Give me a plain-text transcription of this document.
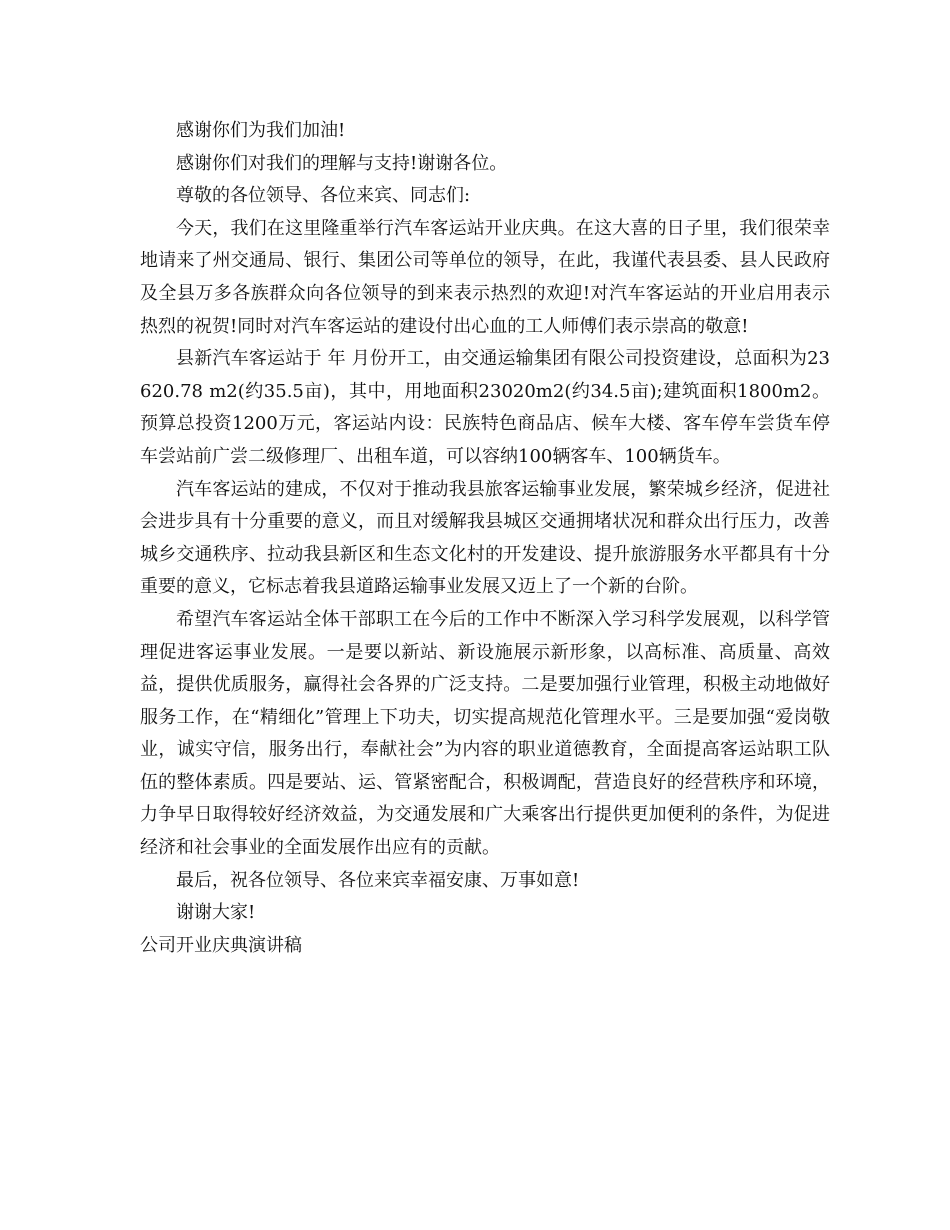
感谢你们为我们加油!

感谢你们对我们的理解与支持!谢谢各位。

尊敬的各位领导、各位来宾、同志们:

今天，我们在这里隆重举行汽车客运站开业庆典。在这大喜的日子里，我们很荣幸地请来了州交通局、银行、集团公司等单位的领导，在此，我谨代表县委、县人民政府及全县万多各族群众向各位领导的到来表示热烈的欢迎!对汽车客运站的开业启用表示热烈的祝贺!同时对汽车客运站的建设付出心血的工人师傅们表示崇高的敬意!

县新汽车客运站于 年 月份开工，由交通运输集团有限公司投资建设，总面积为23620.78 m2(约35.5亩)，其中，用地面积23020m2(约34.5亩);建筑面积1800m2。预算总投资1200万元，客运站内设：民族特色商品店、候车大楼、客车停车尝货车停车尝站前广尝二级修理厂、出租车道，可以容纳100辆客车、100辆货车。

汽车客运站的建成，不仅对于推动我县旅客运输事业发展，繁荣城乡经济，促进社会进步具有十分重要的意义，而且对缓解我县城区交通拥堵状况和群众出行压力，改善城乡交通秩序、拉动我县新区和生态文化村的开发建设、提升旅游服务水平都具有十分重要的意义，它标志着我县道路运输事业发展又迈上了一个新的台阶。

希望汽车客运站全体干部职工在今后的工作中不断深入学习科学发展观，以科学管理促进客运事业发展。一是要以新站、新设施展示新形象，以高标准、高质量、高效益，提供优质服务，赢得社会各界的广泛支持。二是要加强行业管理，积极主动地做好服务工作，在“精细化”管理上下功夫，切实提高规范化管理水平。三是要加强“爱岗敬业，诚实守信，服务出行，奉献社会”为内容的职业道德教育，全面提高客运站职工队伍的整体素质。四是要站、运、管紧密配合，积极调配，营造良好的经营秩序和环境，力争早日取得较好经济效益，为交通发展和广大乘客出行提供更加便利的条件，为促进经济和社会事业的全面发展作出应有的贡献。

最后，祝各位领导、各位来宾幸福安康、万事如意!

谢谢大家!

公司开业庆典演讲稿
